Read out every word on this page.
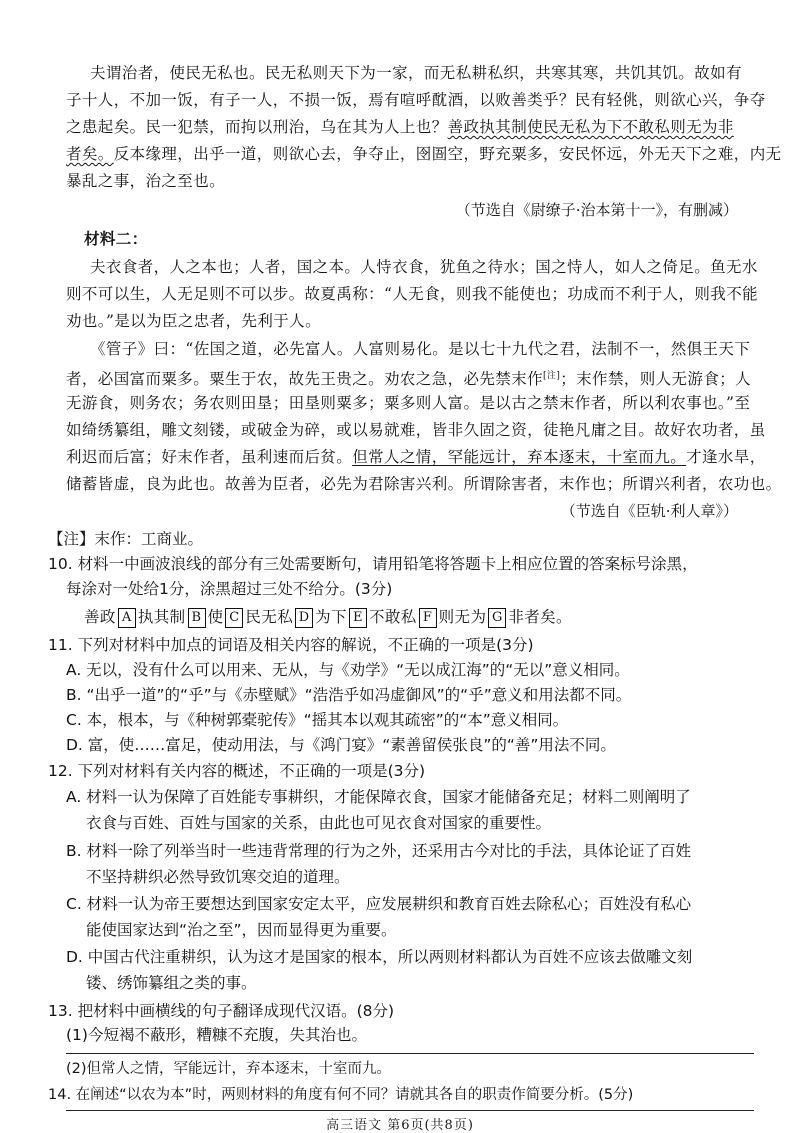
夫谓治者，使民无私也。民无私则天下为一家，而无私耕私织，共寒其寒，共饥其饥。故如有
子十人，不加一饭，有子一人，不损一饭，焉有喧呼酖酒，以败善类乎？民有轻佻，则欲心兴，争夺
之患起矣。民一犯禁，而拘以刑治，乌在其为人上也？善政执其制使民无私为下不敢私则无为非
者矣。反本缘理，出乎一道，则欲心去，争夺止，囹圄空，野充粟多，安民怀远，外无天下之难，内无
暴乱之事，治之至也。
（节选自《尉缭子·治本第十一》，有删减）
材料二：
夫衣食者，人之本也；人者，国之本。人恃衣食，犹鱼之待水；国之恃人，如人之倚足。鱼无水
则不可以生，人无足则不可以步。故夏禹称：“人无食，则我不能使也；功成而不利于人，则我不能
劝也。”是以为臣之忠者，先利于人。
《管子》曰：“佐国之道，必先富人。人富则易化。是以七十九代之君，法制不一，然俱王天下
者，必国富而粟多。粟生于农，故先王贵之。劝农之急，必先禁末作[注]；末作禁，则人无游食；人
无游食，则务农；务农则田垦；田垦则粟多；粟多则人富。是以古之禁末作者，所以利农事也。”至
如绮绣纂组，雕文刻镂，或破金为碎，或以易就难，皆非久固之资，徒艳凡庸之目。故好农功者，虽
利迟而后富；好末作者，虽利速而后贫。但常人之情，罕能远计，弃本逐末，十室而九。才逢水旱，
储蓄皆虚，良为此也。故善为臣者，必先为君除害兴利。所谓除害者，末作也；所谓兴利者，农功也。
（节选自《臣轨·利人章》）
【注】末作：工商业。
10. 材料一中画波浪线的部分有三处需要断句，请用铅笔将答题卡上相应位置的答案标号涂黑，
每涂对一处给1分，涂黑超过三处不给分。(3分)
善政 A 执其制 B 使 C 民无私 D 为下 E 不敢私 F 则无为 G 非者矣。
11. 下列对材料中加点的词语及相关内容的解说，不正确的一项是(3分)
A. 无以，没有什么可以用来、无从，与《劝学》“无以成江海”的“无以”意义相同。
B. “出乎一道”的“乎”与《赤壁赋》“浩浩乎如冯虚御风”的“乎”意义和用法都不同。
C. 本，根本，与《种树郭橐驼传》“摇其本以观其疏密”的“本”意义相同。
D. 富，使……富足，使动用法，与《鸿门宴》“素善留侯张良”的“善”用法不同。
12. 下列对材料有关内容的概述，不正确的一项是(3分)
A. 材料一认为保障了百姓能专事耕织，才能保障衣食，国家才能储备充足；材料二则阐明了
衣食与百姓、百姓与国家的关系，由此也可见衣食对国家的重要性。
B. 材料一除了列举当时一些违背常理的行为之外，还采用古今对比的手法，具体论证了百姓
不坚持耕织必然导致饥寒交迫的道理。
C. 材料一认为帝王要想达到国家安定太平，应发展耕织和教育百姓去除私心；百姓没有私心
能使国家达到“治之至”，因而显得更为重要。
D. 中国古代注重耕织，认为这才是国家的根本，所以两则材料都认为百姓不应该去做雕文刻
镂、绣饰纂组之类的事。
13. 把材料中画横线的句子翻译成现代汉语。(8分)
(1)今短褐不蔽形，糟糠不充腹，失其治也。
(2)但常人之情，罕能远计，弃本逐末，十室而九。
14. 在阐述“以农为本”时，两则材料的角度有何不同？请就其各自的职责作简要分析。(5分)
高三语文 第6页(共8页)
